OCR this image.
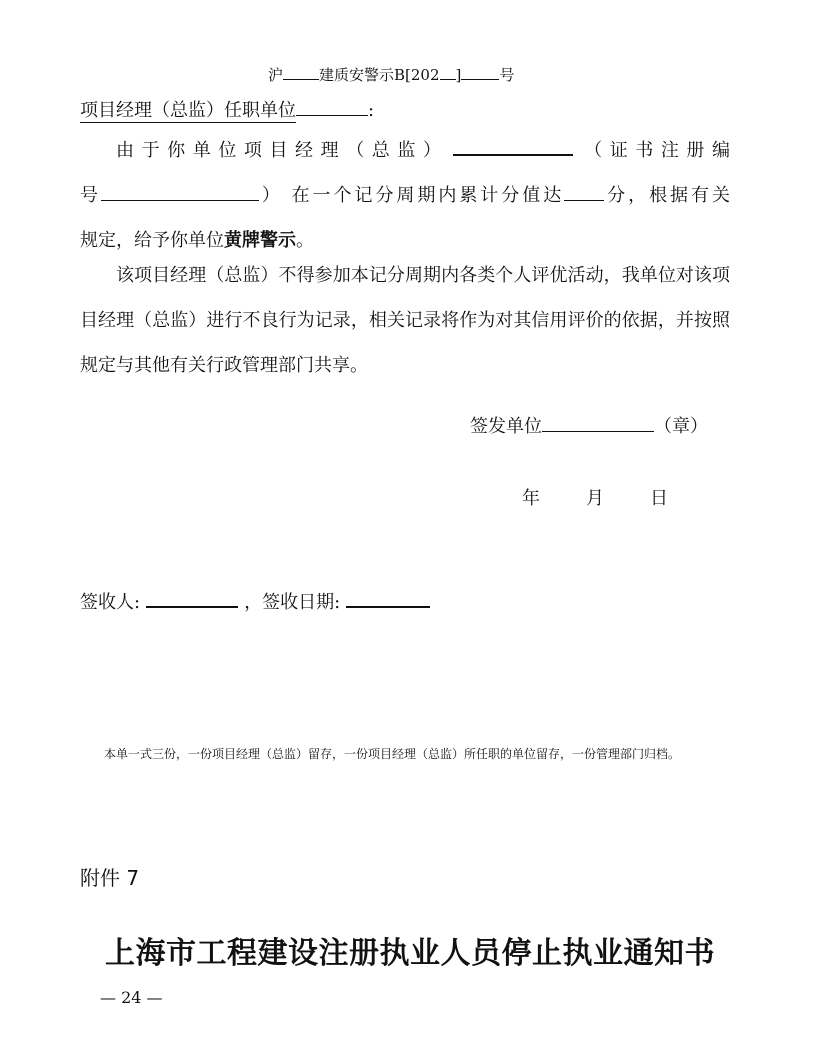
沪 建质安警示B[202 ]	号
项目经理（总监）任职单位	:
由于你单位项目经理（总监）	（证书注册编
号	） 在一个记分周期内累计分值达 分，根据有关
规定，给予你单位黄牌警示。

该项目经理（总监）不得参加本记分周期内各类个人评优活动，我单位对该项目经理（总监）进行不良行为记录，相关记录将作为对其信用评价的依据，并按照规定与其他有关行政管理部门共享。

签发单位	（章）
年	月	日
签收人:	，签收日期:

本单一式三份，一份项目经理（总监）留存，一份项目经理（总监）所任职的单位留存，一份管理部门归档。

附件 7
上海市工程建设注册执业人员停止执业通知书
— 24 —
